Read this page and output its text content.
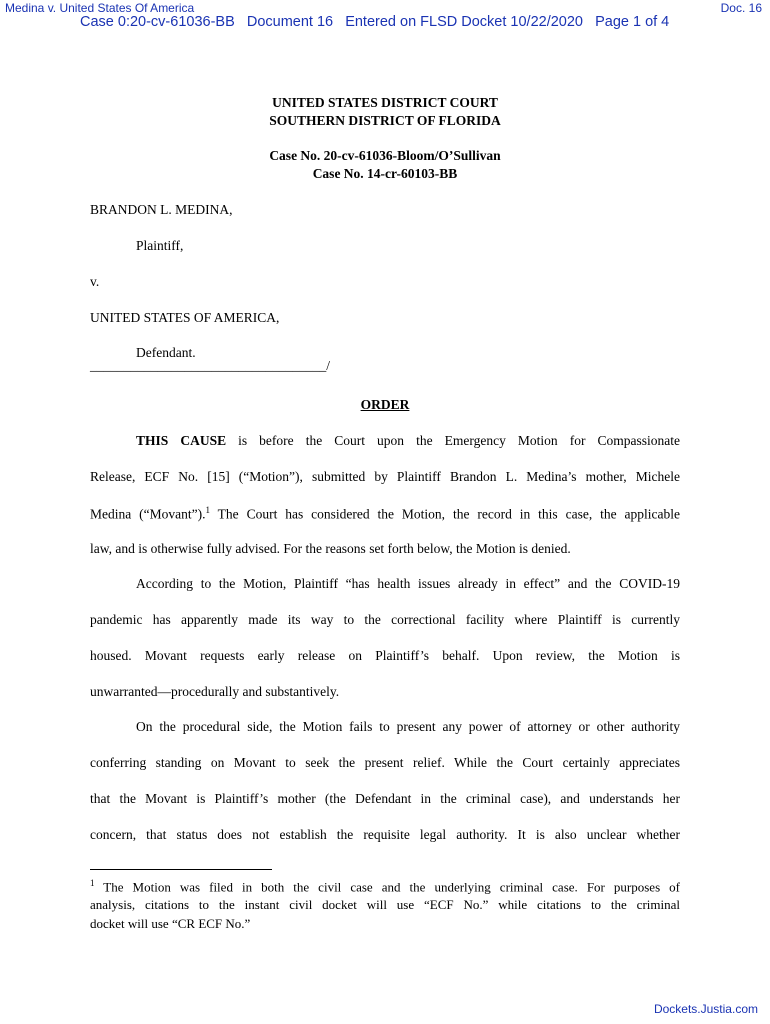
Medina v. United States Of America	Doc. 16
Case 0:20-cv-61036-BB Document 16 Entered on FLSD Docket 10/22/2020 Page 1 of 4
UNITED STATES DISTRICT COURT
SOUTHERN DISTRICT OF FLORIDA
Case No. 20-cv-61036-Bloom/O’Sullivan
Case No. 14-cr-60103-BB
BRANDON L. MEDINA,
Plaintiff,
v.
UNITED STATES OF AMERICA,
Defendant.
___________________________________/
ORDER
THIS CAUSE is before the Court upon the Emergency Motion for Compassionate
Release, ECF No. [15] (“Motion”), submitted by Plaintiff Brandon L. Medina’s mother, Michele
Medina (“Movant”).$^1$ The Court has considered the Motion, the record in this case, the applicable
law, and is otherwise fully advised. For the reasons set forth below, the Motion is denied.
According to the Motion, Plaintiff “has health issues already in effect” and the COVID-19
pandemic has apparently made its way to the correctional facility where Plaintiff is currently
housed. Movant requests early release on Plaintiff’s behalf. Upon review, the Motion is
unwarranted—procedurally and substantively.
On the procedural side, the Motion fails to present any power of attorney or other authority
conferring standing on Movant to seek the present relief. While the Court certainly appreciates
that the Movant is Plaintiff’s mother (the Defendant in the criminal case), and understands her
concern, that status does not establish the requisite legal authority. It is also unclear whether
$^1$ The Motion was filed in both the civil case and the underlying criminal case. For purposes of
analysis, citations to the instant civil docket will use “ECF No.” while citations to the criminal
docket will use “CR ECF No.”
Dockets.Justia.com
